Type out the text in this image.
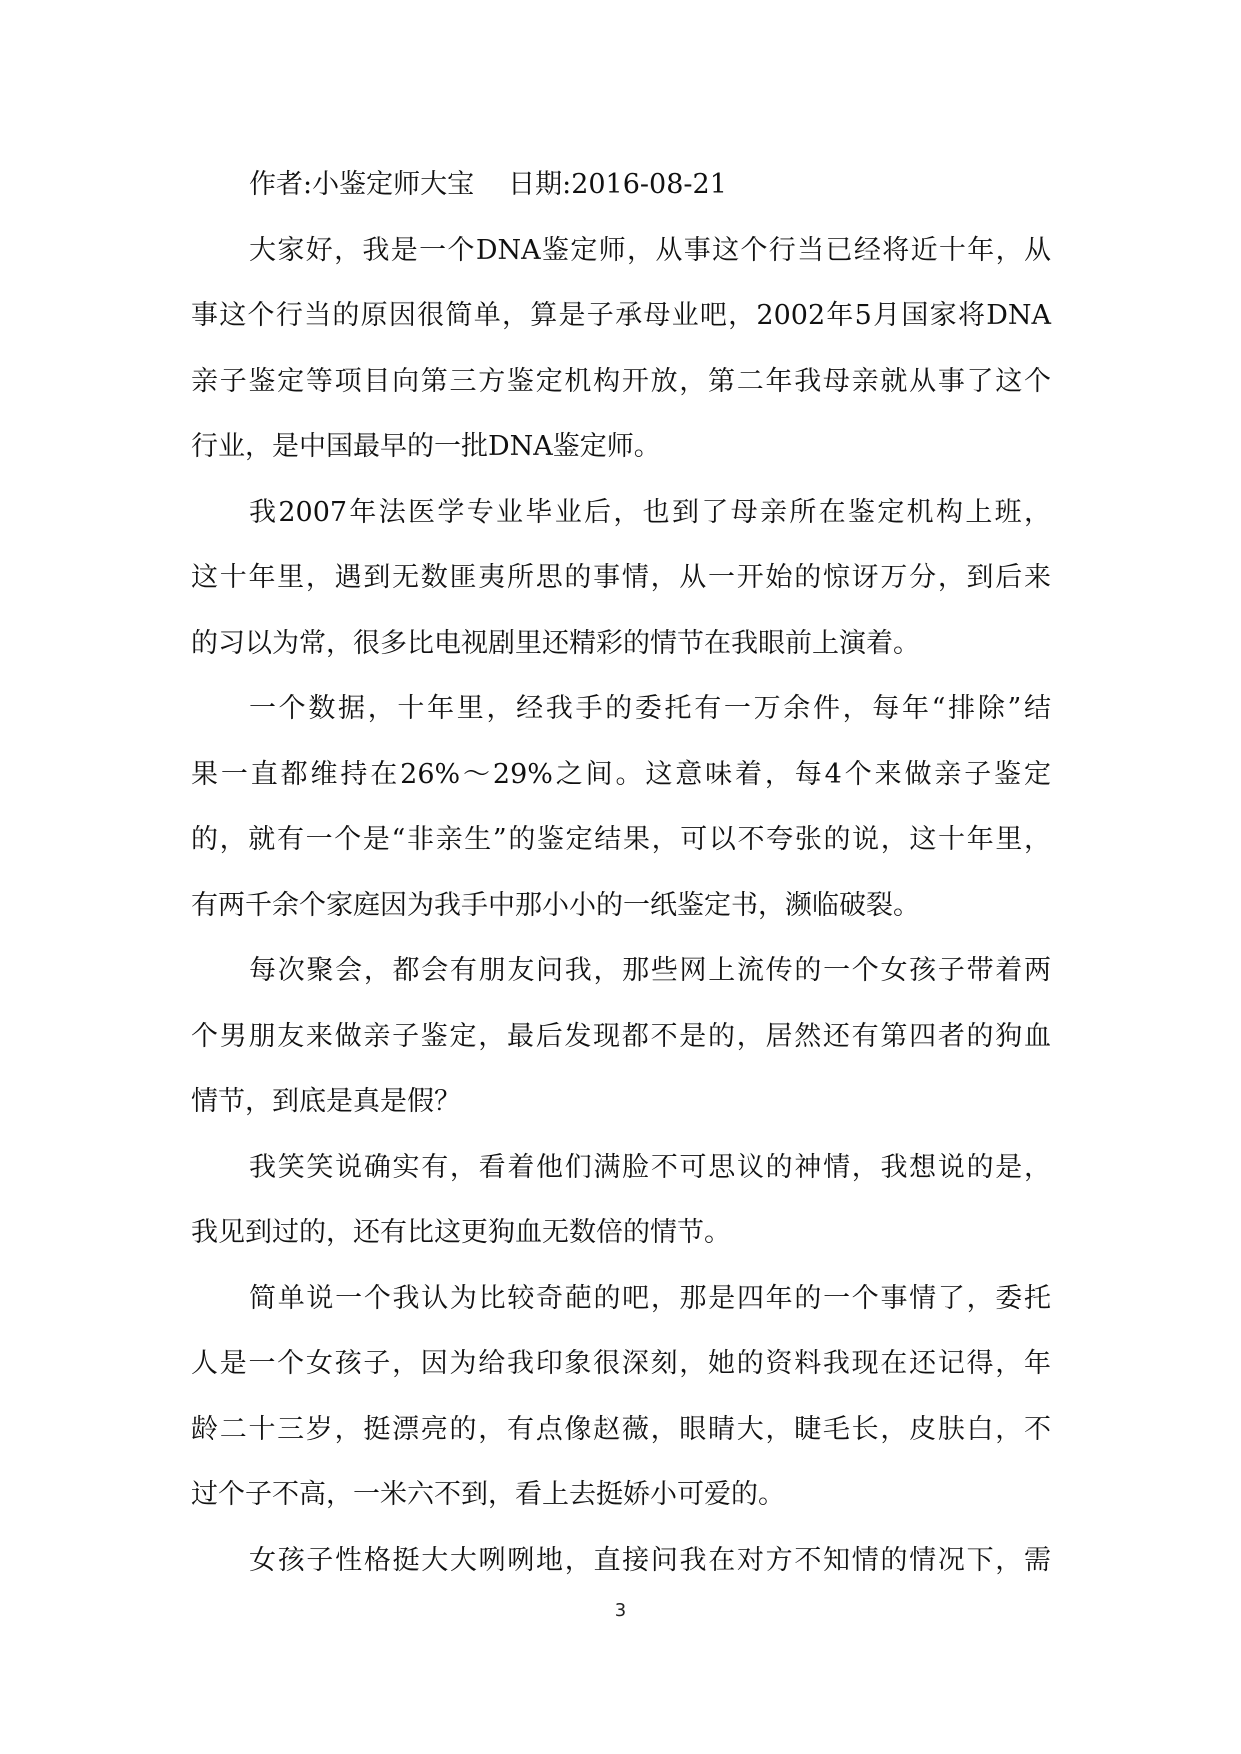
作者:小鉴定师大宝 日期:2016-08-21
大家好，我是一个DNA鉴定师，从事这个行当已经将近十年，从
事这个行当的原因很简单，算是子承母业吧，2002年5月国家将DNA
亲子鉴定等项目向第三方鉴定机构开放，第二年我母亲就从事了这个
行业，是中国最早的一批DNA鉴定师。
我2007年法医学专业毕业后，也到了母亲所在鉴定机构上班，
这十年里，遇到无数匪夷所思的事情，从一开始的惊讶万分，到后来
的习以为常，很多比电视剧里还精彩的情节在我眼前上演着。
一个数据，十年里，经我手的委托有一万余件，每年“排除”结
果一直都维持在26%～29%之间。这意味着，每4个来做亲子鉴定
的，就有一个是“非亲生”的鉴定结果，可以不夸张的说，这十年里，
有两千余个家庭因为我手中那小小的一纸鉴定书，濒临破裂。
每次聚会，都会有朋友问我，那些网上流传的一个女孩子带着两
个男朋友来做亲子鉴定，最后发现都不是的，居然还有第四者的狗血
情节，到底是真是假？
我笑笑说确实有，看着他们满脸不可思议的神情，我想说的是，
我见到过的，还有比这更狗血无数倍的情节。
简单说一个我认为比较奇葩的吧，那是四年的一个事情了，委托
人是一个女孩子，因为给我印象很深刻，她的资料我现在还记得，年
龄二十三岁，挺漂亮的，有点像赵薇，眼睛大，睫毛长，皮肤白，不
过个子不高，一米六不到，看上去挺娇小可爱的。
女孩子性格挺大大咧咧地，直接问我在对方不知情的情况下，需
3
